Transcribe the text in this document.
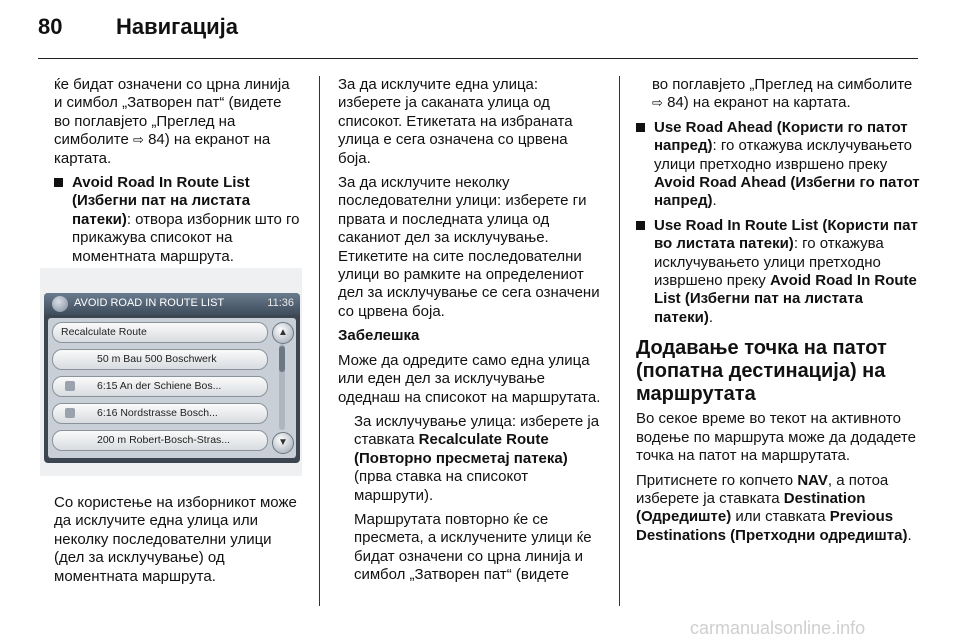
80 Навигација

ќе бидат означени со црна линија и симбол „Затворен пат“ (видете во поглавјето „Преглед на симболите ⇨ 84) на екранот на картата.

Avoid Road In Route List (Избегни пат на листата патеки): отвора изборник што го прикажува списокот на моментната маршрута.

Со користење на изборникот може да исклучите една улица или неколку последователни улици (дел за исклучување) од моментната маршрута.

AVOID ROAD IN ROUTE LIST	11:36
Recalculate Route
50 m Bau 500 Boschwerk
6:15 An der Schiene Bos...
6:16 Nordstrasse Bosch...
200 m Robert-Bosch-Stras...
▲
▼

За да исклучите една улица: изберете ја саканата улица од списокот. Етикетата на избраната улица е сега означена со црвена боја.

За да исклучите неколку последователни улици: изберете ги првата и последната улица од саканиот дел за исклучување. Етикетите на сите последователни улици во рамките на определениот дел за исклучување се сега означени со црвена боја.

Забелешка

Може да одредите само една улица или еден дел за исклучување одеднаш на списокот на маршрутата.

За исклучување улица: изберете ја ставката Recalculate Route (Повторно пресметај патека) (прва ставка на списокот маршрути).

Маршрутата повторно ќе се пресмета, а исклучените улици ќе бидат означени со црна линија и симбол „Затворен пат“ (видете

во поглавјето „Преглед на симболите ⇨ 84) на екранот на картата.

Use Road Ahead (Користи го патот напред): го откажува исклучувањето улици претходно извршено преку Avoid Road Ahead (Избегни го патот напред).
Use Road In Route List (Користи пат во листата патеки): го откажува исклучувањето улици претходно извршено преку Avoid Road In Route List (Избегни пат на листата патеки).
Додавање точка на патот (попатна дестинација) на маршрутата

Во секое време во текот на активното водење по маршрута може да додадете точка на патот на маршрутата.

Притиснете го копчето NAV, а потоа изберете ја ставката Destination (Одредиште) или ставката Previous Destinations (Претходни одредишта).

carmanualsonline.info
